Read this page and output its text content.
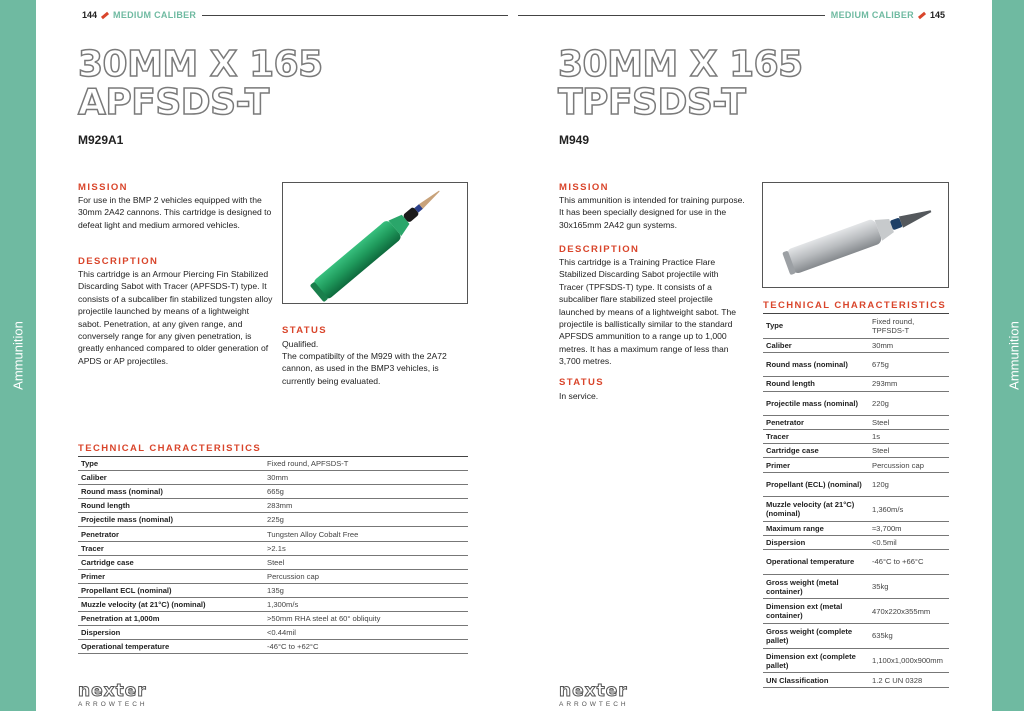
Ammunition	Ammunition
144 MEDIUM CALIBER
30MM X 165
APFSDS-T
M929A1
MISSION
For use in the BMP 2 vehicles equipped with the 30mm 2A42 cannons. This cartridge is designed to defeat light and medium armored vehicles.
DESCRIPTION
This cartridge is an Armour Piercing Fin Stabilized Discarding Sabot with Tracer (APFSDS-T) type. It consists of a subcaliber fin stabilized tungsten alloy projectile launched by means of a lightweight sabot. Penetration, at any given range, and conversely range for any given penetration, is greatly enhanced compared to older generation of APDS or AP projectiles.
STATUS
Qualified.
The compatibilty of the M929 with the 2A72 cannon, as used in the BMP3 vehicles, is currently being evaluated.
TECHNICAL CHARACTERISTICS
Type	Fixed round, APFSDS-T
Caliber	30mm
Round mass (nominal)	665g
Round length	283mm
Projectile mass (nominal)	225g
Penetrator	Tungsten Alloy Cobalt Free
Tracer	>2.1s
Cartridge case	Steel
Primer	Percussion cap
Propellant ECL (nominal)	135g
Muzzle velocity (at 21°C) (nominal)	1,300m/s
Penetration at 1,000m	>50mm RHA steel at 60° obliquity
Dispersion	<0.44mil
Operational temperature	-46°C to +62°C
nexter
ARROWTECH
MEDIUM CALIBER 145
30MM X 165
TPFSDS-T
M949
MISSION
This ammunition is intended for training purpose. It has been specially designed for use in the 30x165mm 2A42 gun systems.
DESCRIPTION
This cartridge is a Training Practice Flare Stabilized Discarding Sabot projectile with Tracer (TPFSDS-T) type. It consists of a subcaliber flare stabilized steel projectile launched by means of a lightweight sabot. The projectile is ballistically similar to the standard APFSDS ammunition to a range up to 1,000 metres. It has a maximum range of less than 3,700 metres.
STATUS
In service.
TECHNICAL CHARACTERISTICS
Type	Fixed round, TPFSDS-T
Caliber	30mm
Round mass (nominal)	675g
Round length	293mm
Projectile mass (nominal)	220g
Penetrator	Steel
Tracer	1s
Cartridge case	Steel
Primer	Percussion cap
Propellant (ECL) (nominal)	120g
Muzzle velocity (at 21°C) (nominal)	1,360m/s
Maximum range	≈3,700m
Dispersion	<0.5mil
Operational temperature	-46°C to +66°C
Gross weight (metal container)	35kg
Dimension ext (metal container)	470x220x355mm
Gross weight (complete pallet)	635kg
Dimension ext (complete pallet)	1,100x1,000x900mm
UN Classification	1.2 C UN 0328
nexter
ARROWTECH
